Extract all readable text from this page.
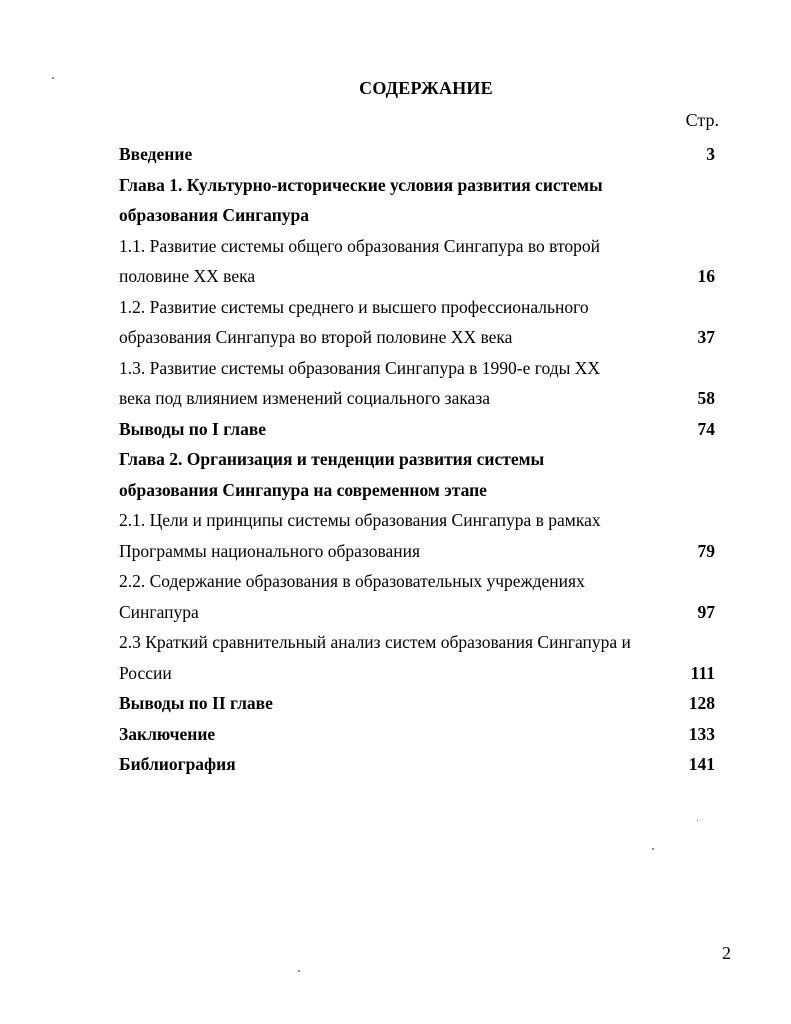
СОДЕРЖАНИЕ
Стр.
Введение	3
Глава 1. Культурно-исторические условия развития системы
образования Сингапура
1.1. Развитие системы общего образования Сингапура во второй
половине XX века	16
1.2. Развитие системы среднего и высшего профессионального
образования Сингапура во второй половине XX века	37
1.3. Развитие системы образования Сингапура в 1990-е годы XX
века под влиянием изменений социального заказа	58
Выводы по I главе	74
Глава 2. Организация и тенденции развития системы
образования Сингапура на современном этапе
2.1. Цели и принципы системы образования Сингапура в рамках
Программы национального образования	79
2.2. Содержание образования в образовательных учреждениях
Сингапура	97
2.3 Краткий сравнительный анализ систем образования Сингапура и
России	111
Выводы по II главе	128
Заключение	133
Библиография	141
2
